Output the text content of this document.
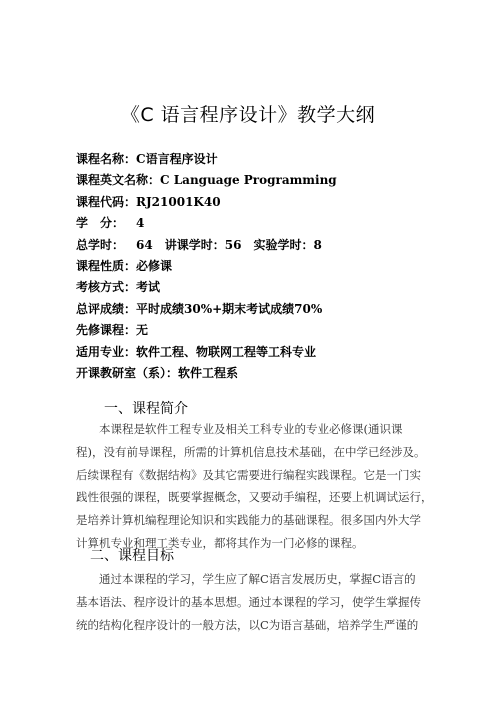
《C 语言程序设计》教学大纲
课程名称：C语言程序设计
课程英文名称：C Language Programming
课程代码：RJ21001K40
学　分： 4
总学时： 64 讲课学时：56 实验学时：8
课程性质：必修课
考核方式：考试
总评成绩：平时成绩30%+期末考试成绩70%
先修课程：无
适用专业：软件工程、物联网工程等工科专业
开课教研室（系）：软件工程系
一、课程简介
本课程是软件工程专业及相关工科专业的专业必修课(通识课
程)，没有前导课程，所需的计算机信息技术基础，在中学已经涉及。
后续课程有《数据结构》及其它需要进行编程实践课程。它是一门实
践性很强的课程，既要掌握概念，又要动手编程，还要上机调试运行，
是培养计算机编程理论知识和实践能力的基础课程。很多国内外大学
计算机专业和理工类专业，都将其作为一门必修的课程。
二、课程目标
通过本课程的学习，学生应了解C语言发展历史，掌握C语言的
基本语法、程序设计的基本思想。通过本课程的学习，使学生掌握传
统的结构化程序设计的一般方法，以C为语言基础，培养学生严谨的
